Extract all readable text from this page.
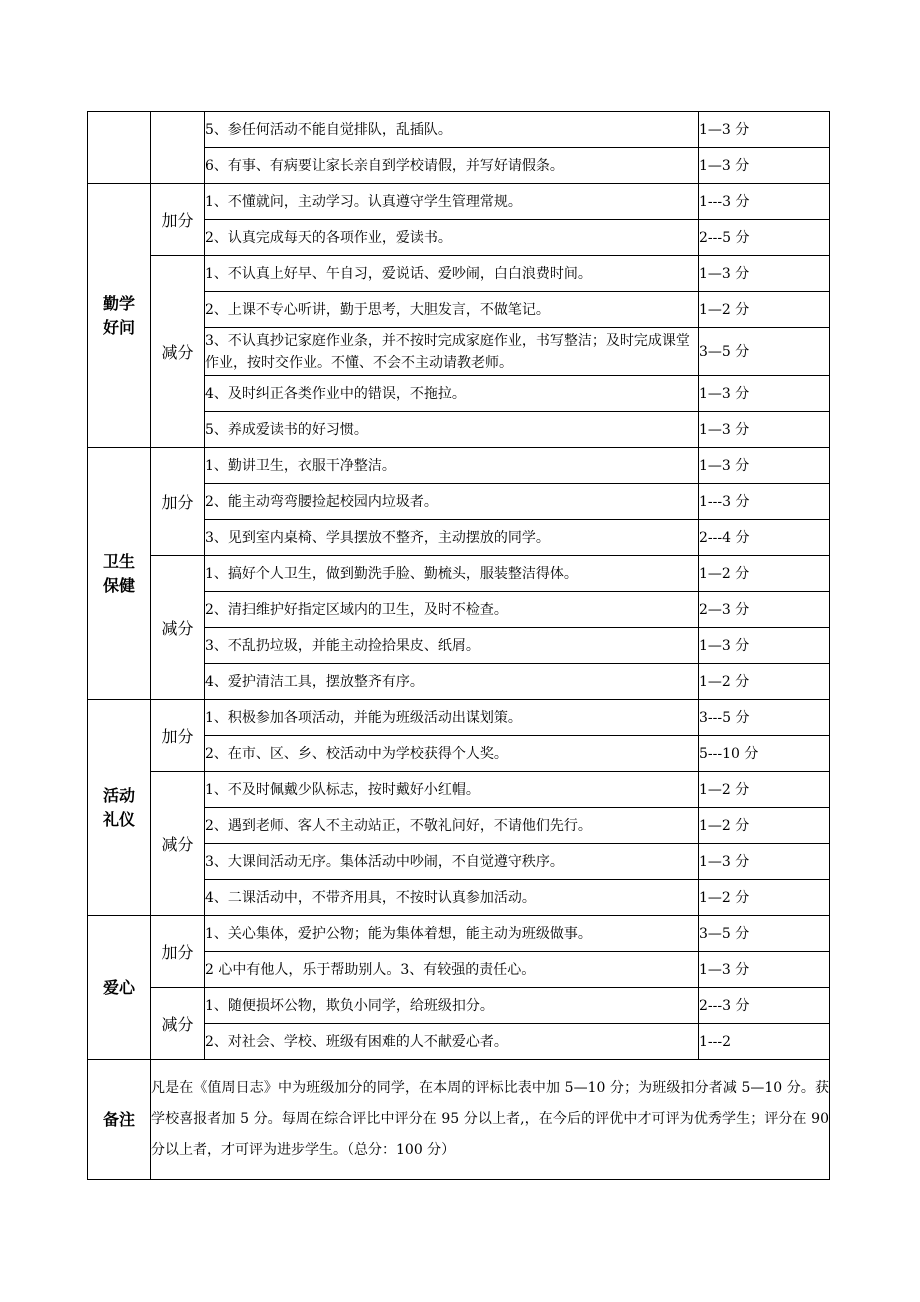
		5、参任何活动不能自觉排队，乱插队。	1—3 分
		6、有事、有病要让家长亲自到学校请假，并写好请假条。	1—3 分

勤学
好问	加分	1、不懂就问，主动学习。认真遵守学生管理常规。	1---3 分
		2、认真完成每天的各项作业，爱读书。	2---5 分
	减分	1、不认真上好早、午自习，爱说话、爱吵闹，白白浪费时间。	1—3 分
		2、上课不专心听讲，勤于思考，大胆发言，不做笔记。	1—2 分
		3、不认真抄记家庭作业条，并不按时完成家庭作业，书写整洁；及时完成课堂作业，按时交作业。不懂、不会不主动请教老师。	3—5 分
		4、及时纠正各类作业中的错误，不拖拉。	1—3 分
		5、养成爱读书的好习惯。	1—3 分

卫生
保健	加分	1、勤讲卫生，衣服干净整洁。	1—3 分
		2、能主动弯弯腰捡起校园内垃圾者。	1---3 分
		3、见到室内桌椅、学具摆放不整齐，主动摆放的同学。	2---4 分
	减分	1、搞好个人卫生，做到勤洗手脸、勤梳头，服装整洁得体。	1—2 分
		2、清扫维护好指定区域内的卫生，及时不检查。	2—3 分
		3、不乱扔垃圾，并能主动捡拾果皮、纸屑。	1—3 分
		4、爱护清洁工具，摆放整齐有序。	1—2 分

活动
礼仪	加分	1、积极参加各项活动，并能为班级活动出谋划策。	3---5 分
		2、在市、区、乡、校活动中为学校获得个人奖。	5---10 分
	减分	1、不及时佩戴少队标志，按时戴好小红帽。	1—2 分
		2、遇到老师、客人不主动站正，不敬礼问好，不请他们先行。	1—2 分
		3、大课间活动无序。集体活动中吵闹，不自觉遵守秩序。	1—3 分
		4、二课活动中，不带齐用具，不按时认真参加活动。	1—2 分

爱心	加分	1、关心集体，爱护公物；能为集体着想，能主动为班级做事。	3—5 分
		2 心中有他人，乐于帮助别人。3、有较强的责任心。	1—3 分
	减分	1、随便损坏公物，欺负小同学，给班级扣分。	2---3 分
		2、对社会、学校、班级有困难的人不献爱心者。	1---2
备注	凡是在《值周日志》中为班级加分的同学，在本周的评标比表中加 5—10 分；为班级扣分者减 5—10 分。获学校喜报者加 5 分。每周在综合评比中评分在 95 分以上者,，在今后的评优中才可评为优秀学生；评分在 90 分以上者，才可评为进步学生。（总分：100 分）		
